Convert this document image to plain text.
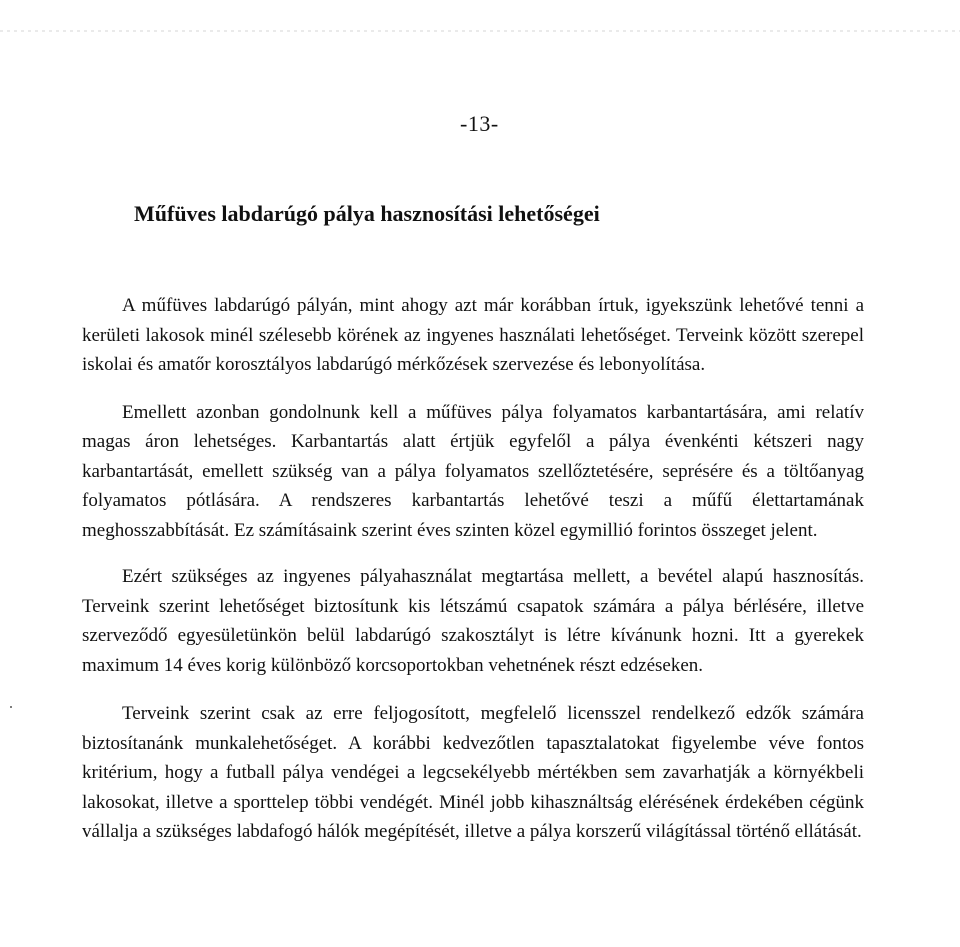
-13-
Műfüves labdarúgó pálya hasznosítási lehetőségei

A műfüves labdarúgó pályán, mint ahogy azt már korábban írtuk, igyekszünk lehetővé tenni a kerületi lakosok minél szélesebb körének az ingyenes használati lehetőséget. Terveink között szerepel iskolai és amatőr korosztályos labdarúgó mérkőzések szervezése és lebonyolítása.

Emellett azonban gondolnunk kell a műfüves pálya folyamatos karbantartására, ami relatív magas áron lehetséges. Karbantartás alatt értjük egyfelől a pálya évenkénti kétszeri nagy karbantartását, emellett szükség van a pálya folyamatos szellőztetésére, seprésére és a töltőanyag folyamatos pótlására. A rendszeres karbantartás lehetővé teszi a műfű élettartamának meghosszabbítását. Ez számításaink szerint éves szinten közel egymillió forintos összeget jelent.

Ezért szükséges az ingyenes pályahasználat megtartása mellett, a bevétel alapú hasznosítás. Terveink szerint lehetőséget biztosítunk kis létszámú csapatok számára a pálya bérlésére, illetve szerveződő egyesületünkön belül labdarúgó szakosztályt is létre kívánunk hozni. Itt a gyerekek maximum 14 éves korig különböző korcsoportokban vehetnének részt edzéseken.

Terveink szerint csak az erre feljogosított, megfelelő licensszel rendelkező edzők számára biztosítanánk munkalehetőséget. A korábbi kedvezőtlen tapasztalatokat figyelembe véve fontos kritérium, hogy a futball pálya vendégei a legcsekélyebb mértékben sem zavarhatják a környékbeli lakosokat, illetve a sporttelep többi vendégét. Minél jobb kihasználtság elérésének érdekében cégünk vállalja a szükséges labdafogó hálók megépítését, illetve a pálya korszerű világítással történő ellátását.
